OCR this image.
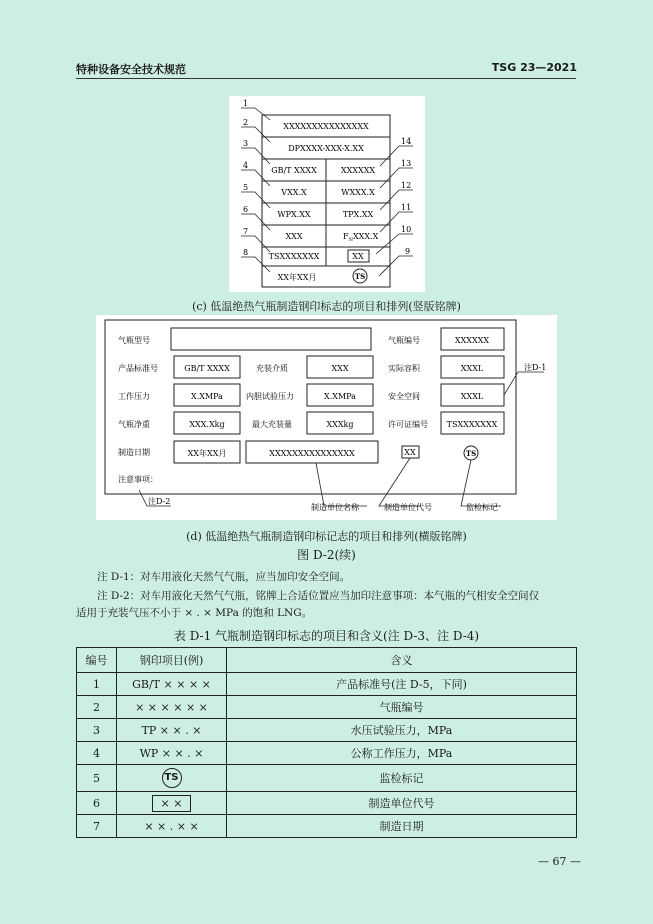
特种设备安全技术规范	TSG 23—2021
XXXXXXXXXXXXXXX
DPXXXX-XXX-X.XX
GB/T XXXX
VXX.X
WPX.XX
XXX
TSXXXXXXX
XX年XX月
XXXXXX
WXXX.X
TPX.XX
XX
$F_NXXX.X$
TS
1
2
3
4
5
6
7
8
14
13
12
11
10
9
(c) 低温绝热气瓶制造钢印标志的项目和排列(竖版铭牌)
气瓶型号
产品标准号
工作压力
气瓶净重
制造日期
注意事项：
充装介质
内胆试验压力
最大充装量
气瓶编号
实际容积
安全空间
许可证编号
GB/T XXXX
X.XMPa
XXX.Xkg
XX年XX月
XXX
X.XMPa
XXXkg
XXXXXXXXXXXXXXX
XXXXXX
XXXL
XXXL
TSXXXXXXX
XX	TS
注D-1
注D-2
制造单位名称	制造单位代号	监检标记
(d) 低温绝热气瓶制造钢印标记志的项目和排列(横版铭牌)
图 D-2(续)
注 D-1：对车用液化天然气气瓶，应当加印安全空间。
注 D-2：对车用液化天然气气瓶，铭牌上合适位置应当加印注意事项：本气瓶的气相安全空间仅
适用于充装气压不小于 × . × MPa 的饱和 LNG。
表 D-1 气瓶制造钢印标志的项目和含义(注 D-3、注 D-4)
编号	钢印项目(例)	含义
1	GB/T × × × ×	产品标准号(注 D-5，下同)
2	× × × × × ×	气瓶编号
3	TP × × . ×	水压试验压力，MPa
4	WP × × . ×	公称工作压力，MPa
5	TS	监检标记
6	× ×	制造单位代号
7	× × . × ×	制造日期
— 67 —
